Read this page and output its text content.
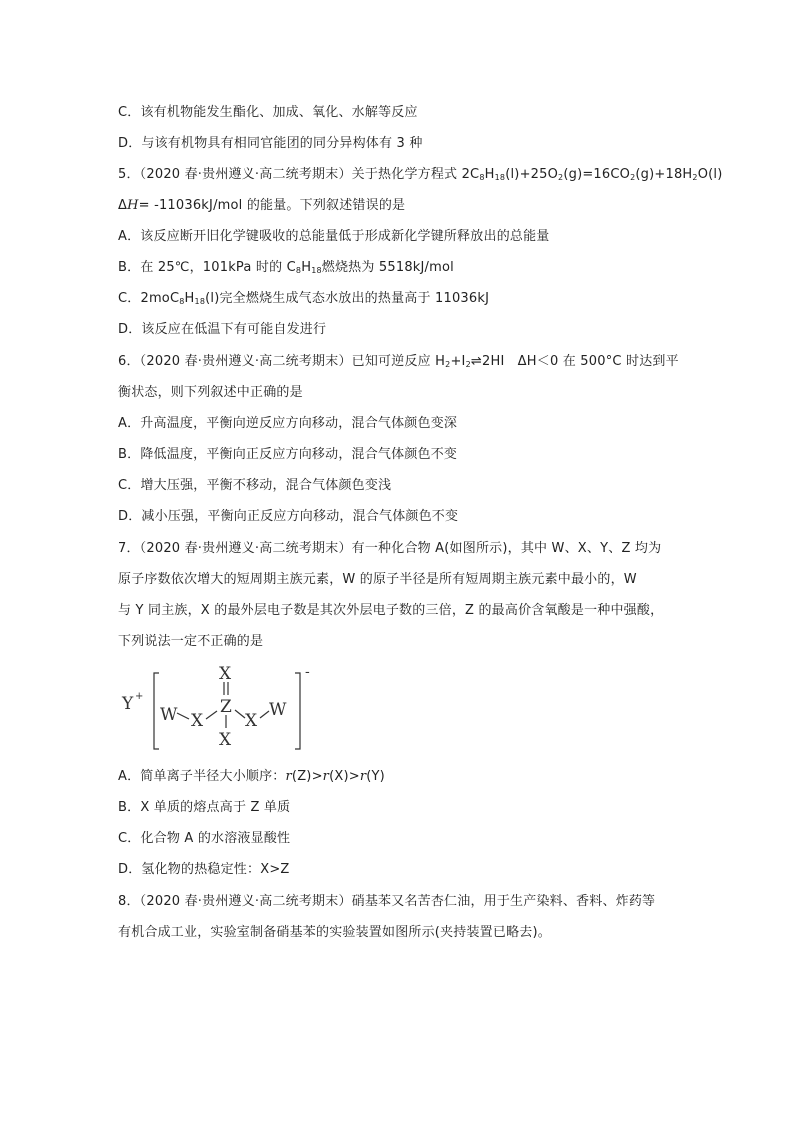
C．该有机物能发生酯化、加成、氧化、水解等反应
D．与该有机物具有相同官能团的同分异构体有 3 种
5．（2020 春·贵州遵义·高二统考期末）关于热化学方程式 $2C_8H_{18}(l)+25O_2(g)=16CO_2(g)+18H_2O(l)$
ΔH= -11036kJ/mol 的能量。下列叙述错误的是
A．该反应断开旧化学键吸收的总能量低于形成新化学键所释放出的总能量
B．在 25℃，101kPa 时的 $C_8H_{18}$燃烧热为 5518kJ/mol
C．$2moC_8H_{18}(l)$完全燃烧生成气态水放出的热量高于 11036kJ
D．该反应在低温下有可能自发进行
6．（2020 春·贵州遵义·高二统考期末）已知可逆反应 $H_2+I_2\rightleftharpoons 2HI$　ΔH＜0 在 500°C 时达到平
衡状态，则下列叙述中正确的是
A．升高温度，平衡向逆反应方向移动，混合气体颜色变深
B．降低温度，平衡向正反应方向移动，混合气体颜色不变
C．增大压强，平衡不移动，混合气体颜色变浅
D．减小压强，平衡向正反应方向移动，混合气体颜色不变
7．（2020 春·贵州遵义·高二统考期末）有一种化合物 A(如图所示)，其中 W、X、Y、Z 均为
原子序数依次增大的短周期主族元素，W 的原子半径是所有短周期主族元素中最小的，W
与 Y 同主族，X 的最外层电子数是其次外层电子数的三倍，Z 的最高价含氧酸是一种中强酸，
下列说法一定不正确的是
Y +
W X
X
Z
X
X
W
-
A．简单离子半径大小顺序：r(Z)>r(X)>r(Y)
B．X 单质的熔点高于 Z 单质
C．化合物 A 的水溶液显酸性
D．氢化物的热稳定性：X>Z
8．（2020 春·贵州遵义·高二统考期末）硝基苯又名苦杏仁油，用于生产染料、香料、炸药等
有机合成工业，实验室制备硝基苯的实验装置如图所示(夹持装置已略去)。
